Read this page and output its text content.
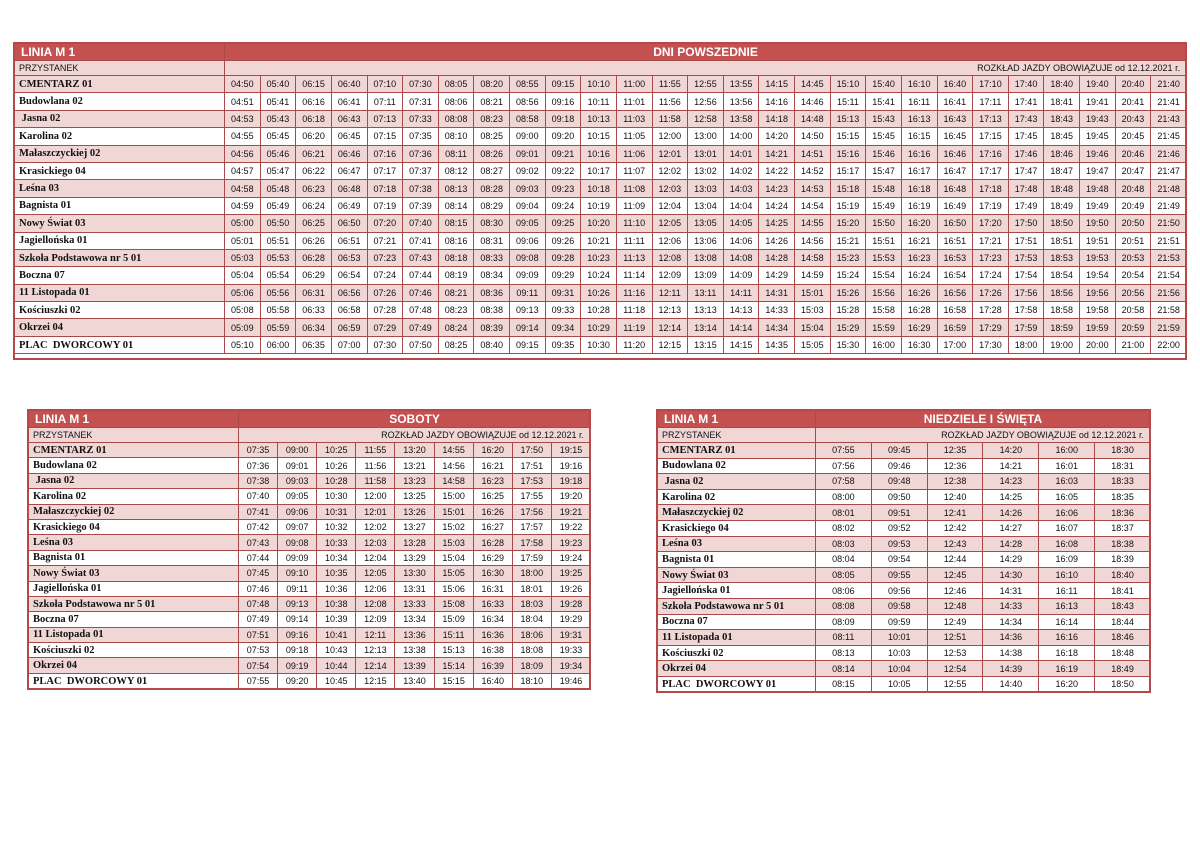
LINIA M 1	DNI POWSZEDNIE																										
PRZYSTANEK	ROZKŁAD JAZDY OBOWIĄZUJE od 12.12.2021 r.																										
CMENTARZ 01	04:50	05:40	06:15	06:40	07:10	07:30	08:05	08:20	08:55	09:15	10:10	11:00	11:55	12:55	13:55	14:15	14:45	15:10	15:40	16:10	16:40	17:10	17:40	18:40	19:40	20:40	21:40
Budowlana 02	04:51	05:41	06:16	06:41	07:11	07:31	08:06	08:21	08:56	09:16	10:11	11:01	11:56	12:56	13:56	14:16	14:46	15:11	15:41	16:11	16:41	17:11	17:41	18:41	19:41	20:41	21:41
Jasna 02	04:53	05:43	06:18	06:43	07:13	07:33	08:08	08:23	08:58	09:18	10:13	11:03	11:58	12:58	13:58	14:18	14:48	15:13	15:43	16:13	16:43	17:13	17:43	18:43	19:43	20:43	21:43
Karolina 02	04:55	05:45	06:20	06:45	07:15	07:35	08:10	08:25	09:00	09:20	10:15	11:05	12:00	13:00	14:00	14:20	14:50	15:15	15:45	16:15	16:45	17:15	17:45	18:45	19:45	20:45	21:45
Małaszczyckiej 02	04:56	05:46	06:21	06:46	07:16	07:36	08:11	08:26	09:01	09:21	10:16	11:06	12:01	13:01	14:01	14:21	14:51	15:16	15:46	16:16	16:46	17:16	17:46	18:46	19:46	20:46	21:46
Krasickiego 04	04:57	05:47	06:22	06:47	07:17	07:37	08:12	08:27	09:02	09:22	10:17	11:07	12:02	13:02	14:02	14:22	14:52	15:17	15:47	16:17	16:47	17:17	17:47	18:47	19:47	20:47	21:47
Leśna 03	04:58	05:48	06:23	06:48	07:18	07:38	08:13	08:28	09:03	09:23	10:18	11:08	12:03	13:03	14:03	14:23	14:53	15:18	15:48	16:18	16:48	17:18	17:48	18:48	19:48	20:48	21:48
Bagnista 01	04:59	05:49	06:24	06:49	07:19	07:39	08:14	08:29	09:04	09:24	10:19	11:09	12:04	13:04	14:04	14:24	14:54	15:19	15:49	16:19	16:49	17:19	17:49	18:49	19:49	20:49	21:49
Nowy Świat 03	05:00	05:50	06:25	06:50	07:20	07:40	08:15	08:30	09:05	09:25	10:20	11:10	12:05	13:05	14:05	14:25	14:55	15:20	15:50	16:20	16:50	17:20	17:50	18:50	19:50	20:50	21:50
Jagiellońska 01	05:01	05:51	06:26	06:51	07:21	07:41	08:16	08:31	09:06	09:26	10:21	11:11	12:06	13:06	14:06	14:26	14:56	15:21	15:51	16:21	16:51	17:21	17:51	18:51	19:51	20:51	21:51
Szkoła Podstawowa nr 5 01	05:03	05:53	06:28	06:53	07:23	07:43	08:18	08:33	09:08	09:28	10:23	11:13	12:08	13:08	14:08	14:28	14:58	15:23	15:53	16:23	16:53	17:23	17:53	18:53	19:53	20:53	21:53
Boczna 07	05:04	05:54	06:29	06:54	07:24	07:44	08:19	08:34	09:09	09:29	10:24	11:14	12:09	13:09	14:09	14:29	14:59	15:24	15:54	16:24	16:54	17:24	17:54	18:54	19:54	20:54	21:54
11 Listopada 01	05:06	05:56	06:31	06:56	07:26	07:46	08:21	08:36	09:11	09:31	10:26	11:16	12:11	13:11	14:11	14:31	15:01	15:26	15:56	16:26	16:56	17:26	17:56	18:56	19:56	20:56	21:56
Kościuszki 02	05:08	05:58	06:33	06:58	07:28	07:48	08:23	08:38	09:13	09:33	10:28	11:18	12:13	13:13	14:13	14:33	15:03	15:28	15:58	16:28	16:58	17:28	17:58	18:58	19:58	20:58	21:58
Okrzei 04	05:09	05:59	06:34	06:59	07:29	07:49	08:24	08:39	09:14	09:34	10:29	11:19	12:14	13:14	14:14	14:34	15:04	15:29	15:59	16:29	16:59	17:29	17:59	18:59	19:59	20:59	21:59
PLAC  DWORCOWY 01	05:10	06:00	06:35	07:00	07:30	07:50	08:25	08:40	09:15	09:35	10:30	11:20	12:15	13:15	14:15	14:35	15:05	15:30	16:00	16:30	17:00	17:30	18:00	19:00	20:00	21:00	22:00
LINIA M 1	SOBOTY								
PRZYSTANEK	ROZKŁAD JAZDY OBOWIĄZUJE od 12.12.2021 r.								
CMENTARZ 01	07:35	09:00	10:25	11:55	13:20	14:55	16:20	17:50	19:15
Budowlana 02	07:36	09:01	10:26	11:56	13:21	14:56	16:21	17:51	19:16
Jasna 02	07:38	09:03	10:28	11:58	13:23	14:58	16:23	17:53	19:18
Karolina 02	07:40	09:05	10:30	12:00	13:25	15:00	16:25	17:55	19:20
Małaszczyckiej 02	07:41	09:06	10:31	12:01	13:26	15:01	16:26	17:56	19:21
Krasickiego 04	07:42	09:07	10:32	12:02	13:27	15:02	16:27	17:57	19:22
Leśna 03	07:43	09:08	10:33	12:03	13:28	15:03	16:28	17:58	19:23
Bagnista 01	07:44	09:09	10:34	12:04	13:29	15:04	16:29	17:59	19:24
Nowy Świat 03	07:45	09:10	10:35	12:05	13:30	15:05	16:30	18:00	19:25
Jagiellońska 01	07:46	09:11	10:36	12:06	13:31	15:06	16:31	18:01	19:26
Szkoła Podstawowa nr 5 01	07:48	09:13	10:38	12:08	13:33	15:08	16:33	18:03	19:28
Boczna 07	07:49	09:14	10:39	12:09	13:34	15:09	16:34	18:04	19:29
11 Listopada 01	07:51	09:16	10:41	12:11	13:36	15:11	16:36	18:06	19:31
Kościuszki 02	07:53	09:18	10:43	12:13	13:38	15:13	16:38	18:08	19:33
Okrzei 04	07:54	09:19	10:44	12:14	13:39	15:14	16:39	18:09	19:34
PLAC  DWORCOWY 01	07:55	09:20	10:45	12:15	13:40	15:15	16:40	18:10	19:46
LINIA M 1	NIEDZIELE I ŚWIĘTA					
PRZYSTANEK	ROZKŁAD JAZDY OBOWIĄZUJE od 12.12.2021 r.					
CMENTARZ 01	07:55	09:45	12:35	14:20	16:00	18:30
Budowlana 02	07:56	09:46	12:36	14:21	16:01	18:31
Jasna 02	07:58	09:48	12:38	14:23	16:03	18:33
Karolina 02	08:00	09:50	12:40	14:25	16:05	18:35
Małaszczyckiej 02	08:01	09:51	12:41	14:26	16:06	18:36
Krasickiego 04	08:02	09:52	12:42	14:27	16:07	18:37
Leśna 03	08:03	09:53	12:43	14:28	16:08	18:38
Bagnista 01	08:04	09:54	12:44	14:29	16:09	18:39
Nowy Świat 03	08:05	09:55	12:45	14:30	16:10	18:40
Jagiellońska 01	08:06	09:56	12:46	14:31	16:11	18:41
Szkoła Podstawowa nr 5 01	08:08	09:58	12:48	14:33	16:13	18:43
Boczna 07	08:09	09:59	12:49	14:34	16:14	18:44
11 Listopada 01	08:11	10:01	12:51	14:36	16:16	18:46
Kościuszki 02	08:13	10:03	12:53	14:38	16:18	18:48
Okrzei 04	08:14	10:04	12:54	14:39	16:19	18:49
PLAC  DWORCOWY 01	08:15	10:05	12:55	14:40	16:20	18:50
